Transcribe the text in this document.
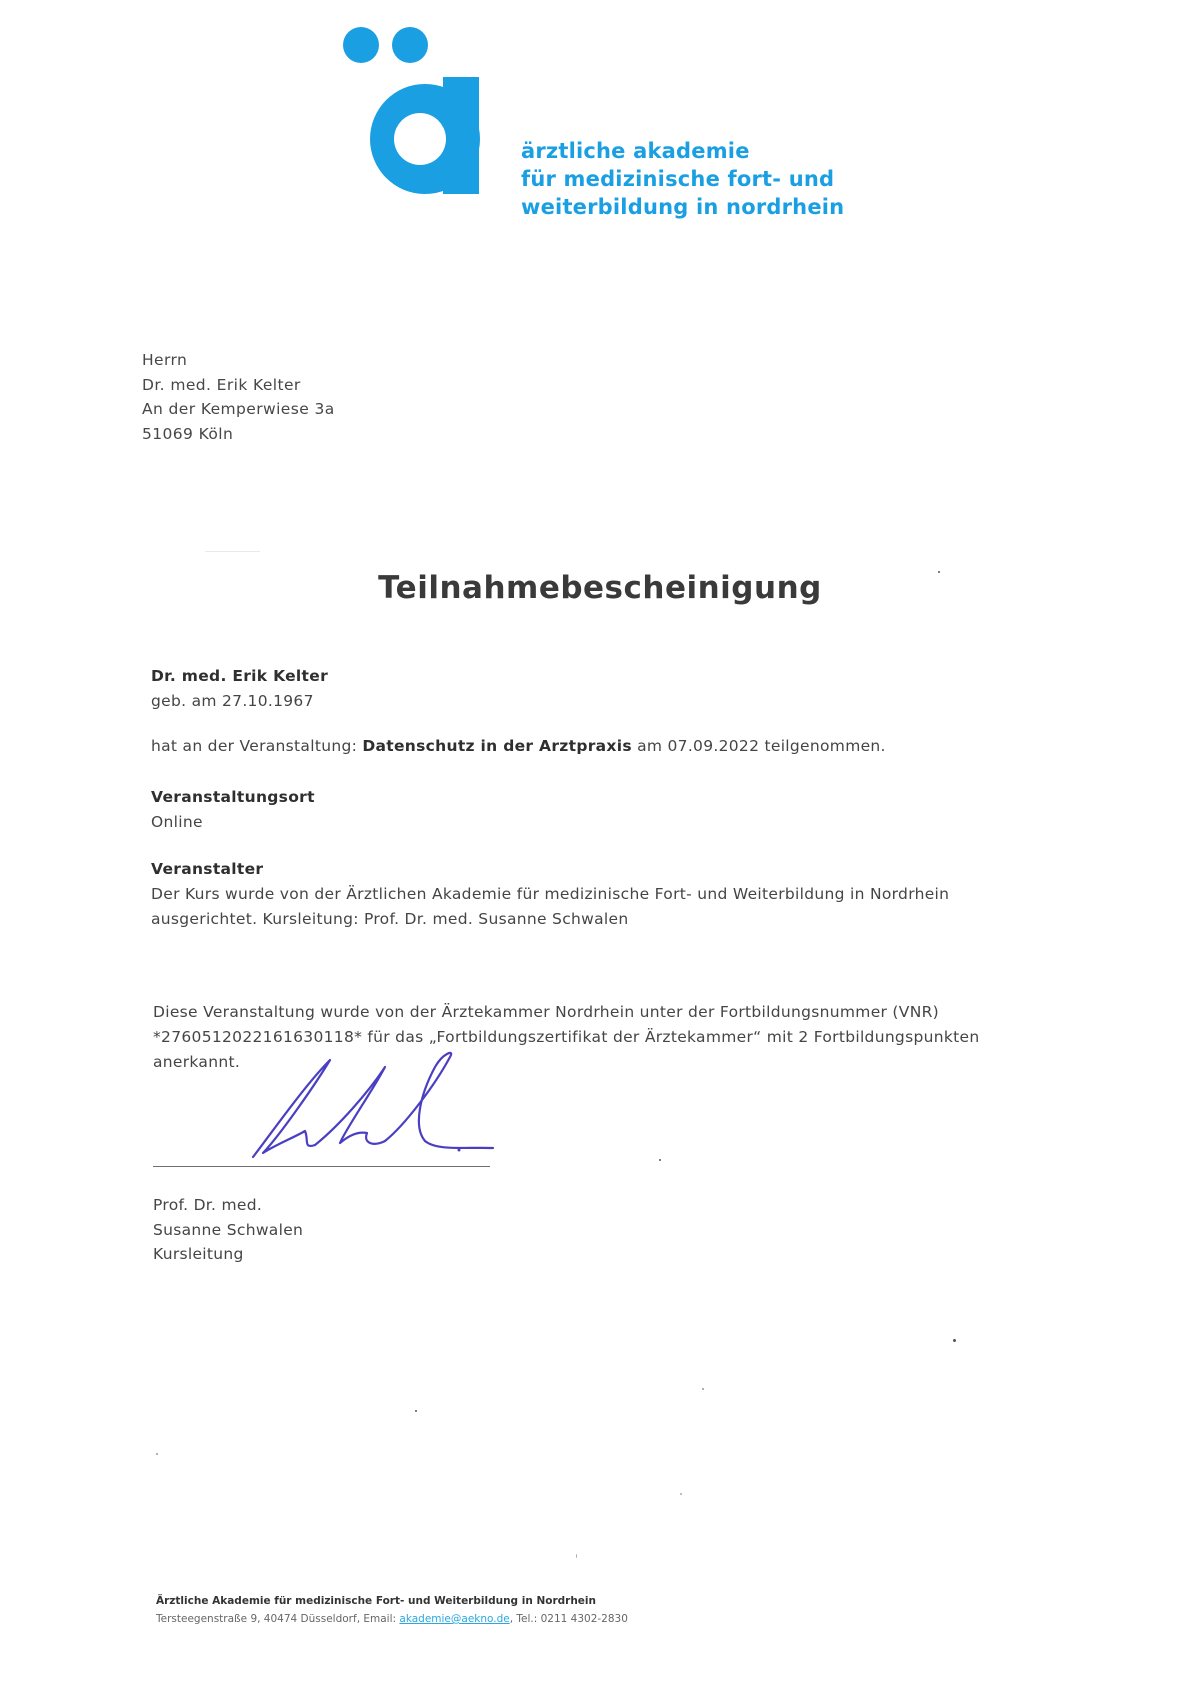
ärztliche akademie
für medizinische fort- und
weiterbildung in nordrhein
Herrn
Dr. med. Erik Kelter
An der Kemperwiese 3a
51069 Köln
Teilnahmebescheinigung
Dr. med. Erik Kelter
geb. am 27.10.1967
hat an der Veranstaltung: Datenschutz in der Arztpraxis am 07.09.2022 teilgenommen.
Veranstaltungsort
Online
Veranstalter
Der Kurs wurde von der Ärztlichen Akademie für medizinische Fort- und Weiterbildung in Nordrhein
ausgerichtet. Kursleitung: Prof. Dr. med. Susanne Schwalen
Diese Veranstaltung wurde von der Ärztekammer Nordrhein unter der Fortbildungsnummer (VNR)
*2760512022161630118* für das „Fortbildungszertifikat der Ärztekammer“ mit 2 Fortbildungspunkten
anerkannt.
Prof. Dr. med.
Susanne Schwalen
Kursleitung
Ärztliche Akademie für medizinische Fort- und Weiterbildung in Nordrhein
Tersteegenstraße 9, 40474 Düsseldorf, Email: akademie@aekno.de, Tel.: 0211 4302-2830
